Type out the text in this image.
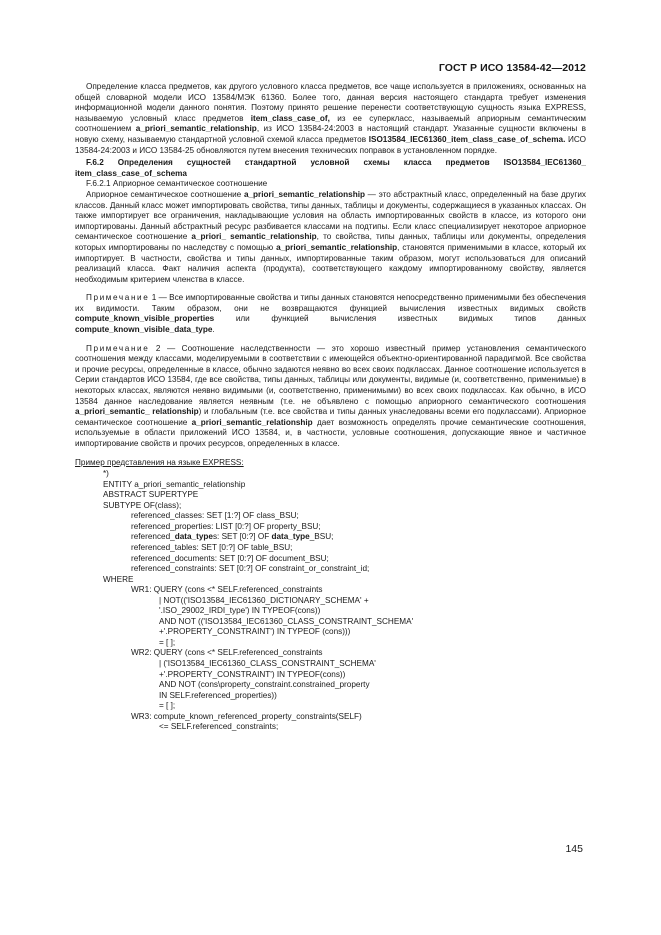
ГОСТ Р ИСО 13584-42—2012

Определение класса предметов, как другого условного класса предметов, все чаще используется в приложениях, основанных на общей словарной модели ИСО 13584/МЭК 61360. Более того, данная версия настоящего стандарта требует изменения информационной модели данного понятия. Поэтому принято решение перенести соответствующую сущность языка EXPRESS, называемую условный класс предметов item_class_case_of, из ее суперкласс, называемый априорным семантическим соотношением a_priori_semantic_relationship, из ИСО 13584-24:2003 в настоящий стандарт. Указанные сущности включены в новую схему, называемую стандартной условной схемой класса предметов ISO13584_IEC61360_item_class_case_of_schema. ИСО 13584-24:2003 и ИСО 13584-25 обновляются путем внесения технических поправок в установленном порядке.

F.6.2 Определения сущностей стандартной условной схемы класса предметов ISO13584_IEC61360_ item_class_case_of_schema

F.6.2.1 Априорное семантическое соотношение

Априорное семантическое соотношение a_priori_semantic_relationship — это абстрактный класс, определенный на базе других классов. Данный класс может импортировать свойства, типы данных, таблицы и документы, содержащиеся в указанных классах. Он также импортирует все ограничения, накладывающие условия на область импортированных свойств в классе, из которого они импортированы. Данный абстрактный ресурс разбивается классами на подтипы. Если класс специализирует некоторое априорное семантическое соотношение a_priori_ semantic_relationship, то свойства, типы данных, таблицы или документы, определения которых импортированы по наследству с помощью a_priori_semantic_relationship, становятся применимыми в классе, который их импортирует. В частности, свойства и типы данных, импортированные таким образом, могут использоваться для описаний реализаций класса. Факт наличия аспекта (продукта), соответствующего каждому импортированному свойству, является необходимым критерием членства в классе.

Примечание 1 — Все импортированные свойства и типы данных становятся непосредственно применимыми без обеспечения их видимости. Таким образом, они не возвращаются функцией вычисления известных видимых свойств compute_known_visible_properties или функцией вычисления известных видимых типов данных compute_known_visible_data_type.

Примечание 2 — Соотношение наследственности — это хорошо известный пример установления семантического соотношения между классами, моделируемыми в соответствии с имеющейся объектно-ориентированной парадигмой. Все свойства и прочие ресурсы, определенные в классе, обычно задаются неявно во всех своих подклассах. Данное соотношение используется в Серии стандартов ИСО 13584, где все свойства, типы данных, таблицы или документы, видимые (и, соответственно, применимые) в некоторых классах, являются неявно видимыми (и, соответственно, применимыми) во всех своих подклассах. Как обычно, в ИСО 13584 данное наследование является неявным (т.е. не объявлено с помощью априорного семантического соотношения a_priori_semantic_ relationship) и глобальным (т.е. все свойства и типы данных унаследованы всеми его подклассами). Априорное семантическое соотношение a_priori_semantic_relationship дает возможность определять прочие семантические соотношения, используемые в области приложений ИСО 13584, и, в частности, условные соотношения, допускающие явное и частичное импортирование свойств и прочих ресурсов, определенных в классе.

Пример представления на языке EXPRESS:

*)
ENTITY a_priori_semantic_relationship
ABSTRACT SUPERTYPE
SUBTYPE OF(class);
referenced_classes: SET [1:?] OF class_BSU;
referenced_properties: LIST [0:?] OF property_BSU;
referenced_data_types: SET [0:?] OF data_type_BSU;
referenced_tables: SET [0:?] OF table_BSU;
referenced_documents: SET [0:?] OF document_BSU;
referenced_constraints: SET [0:?] OF constraint_or_constraint_id;
WHERE
WR1: QUERY (cons <* SELF.referenced_constraints
| NOT(('ISO13584_IEC61360_DICTIONARY_SCHEMA' +
'.ISO_29002_IRDI_type') IN TYPEOF(cons))
AND NOT (('ISO13584_IEC61360_CLASS_CONSTRAINT_SCHEMA'
+'.PROPERTY_CONSTRAINT') IN TYPEOF (cons)))
= [ ];
WR2: QUERY (cons <* SELF.referenced_constraints
| ('ISO13584_IEC61360_CLASS_CONSTRAINT_SCHEMA'
+'.PROPERTY_CONSTRAINT') IN TYPEOF(cons))
AND NOT (cons\property_constraint.constrained_property
IN SELF.referenced_properties))
= [ ];
WR3: compute_known_referenced_property_constraints(SELF)
<= SELF.referenced_constraints;
145
